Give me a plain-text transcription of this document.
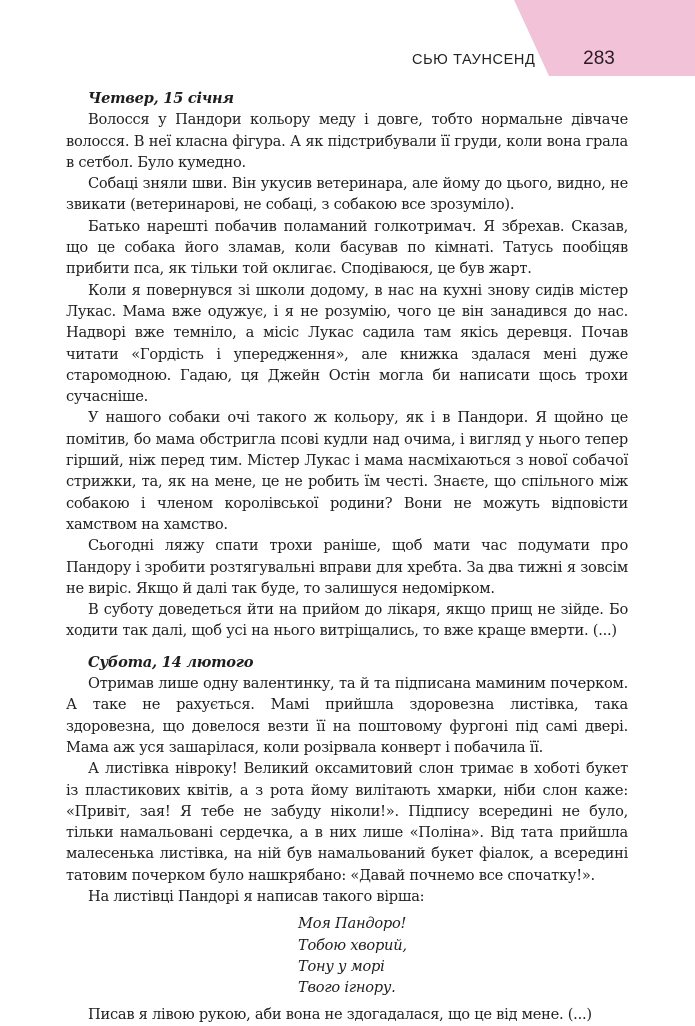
СЬЮ ТАУНСЕНД	283
Четвер, 15 січня

Волосся у Пандори кольору меду і довге, тобто нормальне дівчаче волосся. В неї класна фігура. А як підстрибували її груди, коли вона грала в сетбол. Було кумедно.

Собаці зняли шви. Він укусив ветеринара, але йому до цього, видно, не звикати (ветеринарові, не собаці, з собакою все зрозуміло).

Батько нарешті побачив поламаний голкотримач. Я збрехав. Сказав, що це собака його зламав, коли басував по кімнаті. Татусь пообіцяв прибити пса, як тільки той оклигає. Сподіваюся, це був жарт.

Коли я повернувся зі школи додому, в нас на кухні знову сидів містер Лукас. Мама вже одужує, і я не розумію, чого це він занадився до нас. Надворі вже темніло, а місіс Лукас садила там якісь деревця. Почав читати «Гордість і упередження», але книжка здалася мені дуже старомодною. Гадаю, ця Джейн Остін могла би написати щось трохи сучасніше.

У нашого собаки очі такого ж кольору, як і в Пандори. Я щойно це помітив, бо мама обстригла псові кудли над очима, і вигляд у нього тепер гірший, ніж перед тим. Містер Лукас і мама насміхаються з нової собачої стрижки, та, як на мене, це не робить їм честі. Знаєте, що спільного між собакою і членом королівської родини? Вони не можуть відповісти хамством на хамство.

Сьогодні ляжу спати трохи раніше, щоб мати час подумати про Пандору і зробити розтягувальні вправи для хребта. За два тижні я зовсім не виріс. Якщо й далі так буде, то залишуся недомірком.

В суботу доведеться йти на прийом до лікаря, якщо прищ не зійде. Бо ходити так далі, щоб усі на нього витріщались, то вже краще вмерти. (...)

Субота, 14 лютого

Отримав лише одну валентинку, та й та підписана маминим почерком. А таке не рахується. Мамі прийшла здоровезна листівка, така здоровезна, що довелося везти її на поштовому фургоні під самі двері. Мама аж уся зашарілася, коли розірвала конверт і побачила її.

А листівка нівроку! Великий оксамитовий слон тримає в хоботі букет із пластикових квітів, а з рота йому вилітають хмарки, ніби слон каже: «Привіт, зая! Я тебе не забуду ніколи!». Підпису всередині не було, тільки намальовані сердечка, а в них лише «Поліна». Від тата прийшла малесенька листівка, на ній був намальований букет фіалок, а всередині татовим почерком було нашкрябано: «Давай почнемо все спочатку!».

На листівці Пандорі я написав такого вірша:

Моя Пандоро!
Тобою хворий,
Тону у морі
Твого ігнору.

Писав я лівою рукою, аби вона не здогадалася, що це від мене. (...)
